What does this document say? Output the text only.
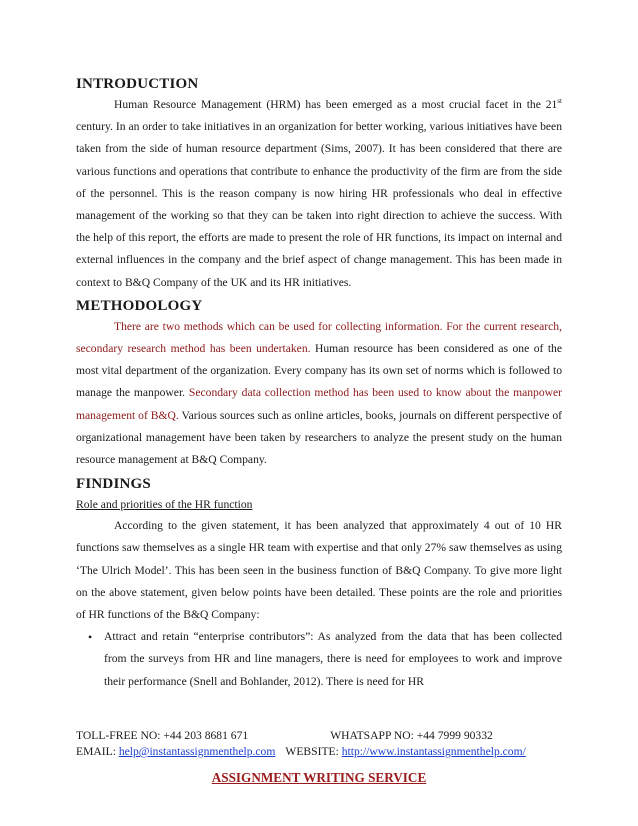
INTRODUCTION

Human Resource Management (HRM) has been emerged as a most crucial facet in the 21st century. In an order to take initiatives in an organization for better working, various initiatives have been taken from the side of human resource department (Sims, 2007). It has been considered that there are various functions and operations that contribute to enhance the productivity of the firm are from the side of the personnel. This is the reason company is now hiring HR professionals who deal in effective management of the working so that they can be taken into right direction to achieve the success. With the help of this report, the efforts are made to present the role of HR functions, its impact on internal and external influences in the company and the brief aspect of change management. This has been made in context to B&Q Company of the UK and its HR initiatives.

METHODOLOGY

There are two methods which can be used for collecting information. For the current research, secondary research method has been undertaken. Human resource has been considered as one of the most vital department of the organization. Every company has its own set of norms which is followed to manage the manpower. Secondary data collection method has been used to know about the manpower management of B&Q. Various sources such as online articles, books, journals on different perspective of organizational management have been taken by researchers to analyze the present study on the human resource management at B&Q Company.

FINDINGS

Role and priorities of the HR function

According to the given statement, it has been analyzed that approximately 4 out of 10 HR functions saw themselves as a single HR team with expertise and that only 27% saw themselves as using ‘The Ulrich Model’. This has been seen in the business function of B&Q Company. To give more light on the above statement, given below points have been detailed. These points are the role and priorities of HR functions of the B&Q Company:

• Attract and retain “enterprise contributors”: As analyzed from the data that has been collected from the surveys from HR and line managers, there is need for employees to work and improve their performance (Snell and Bohlander, 2012). There is need for HR
TOLL-FREE NO: +44 203 8681 671	WHATSAPP NO: +44 7999 90332
EMAIL: help@instantassignmenthelp.com WEBSITE: http://www.instantassignmenthelp.com/
ASSIGNMENT WRITING SERVICE
